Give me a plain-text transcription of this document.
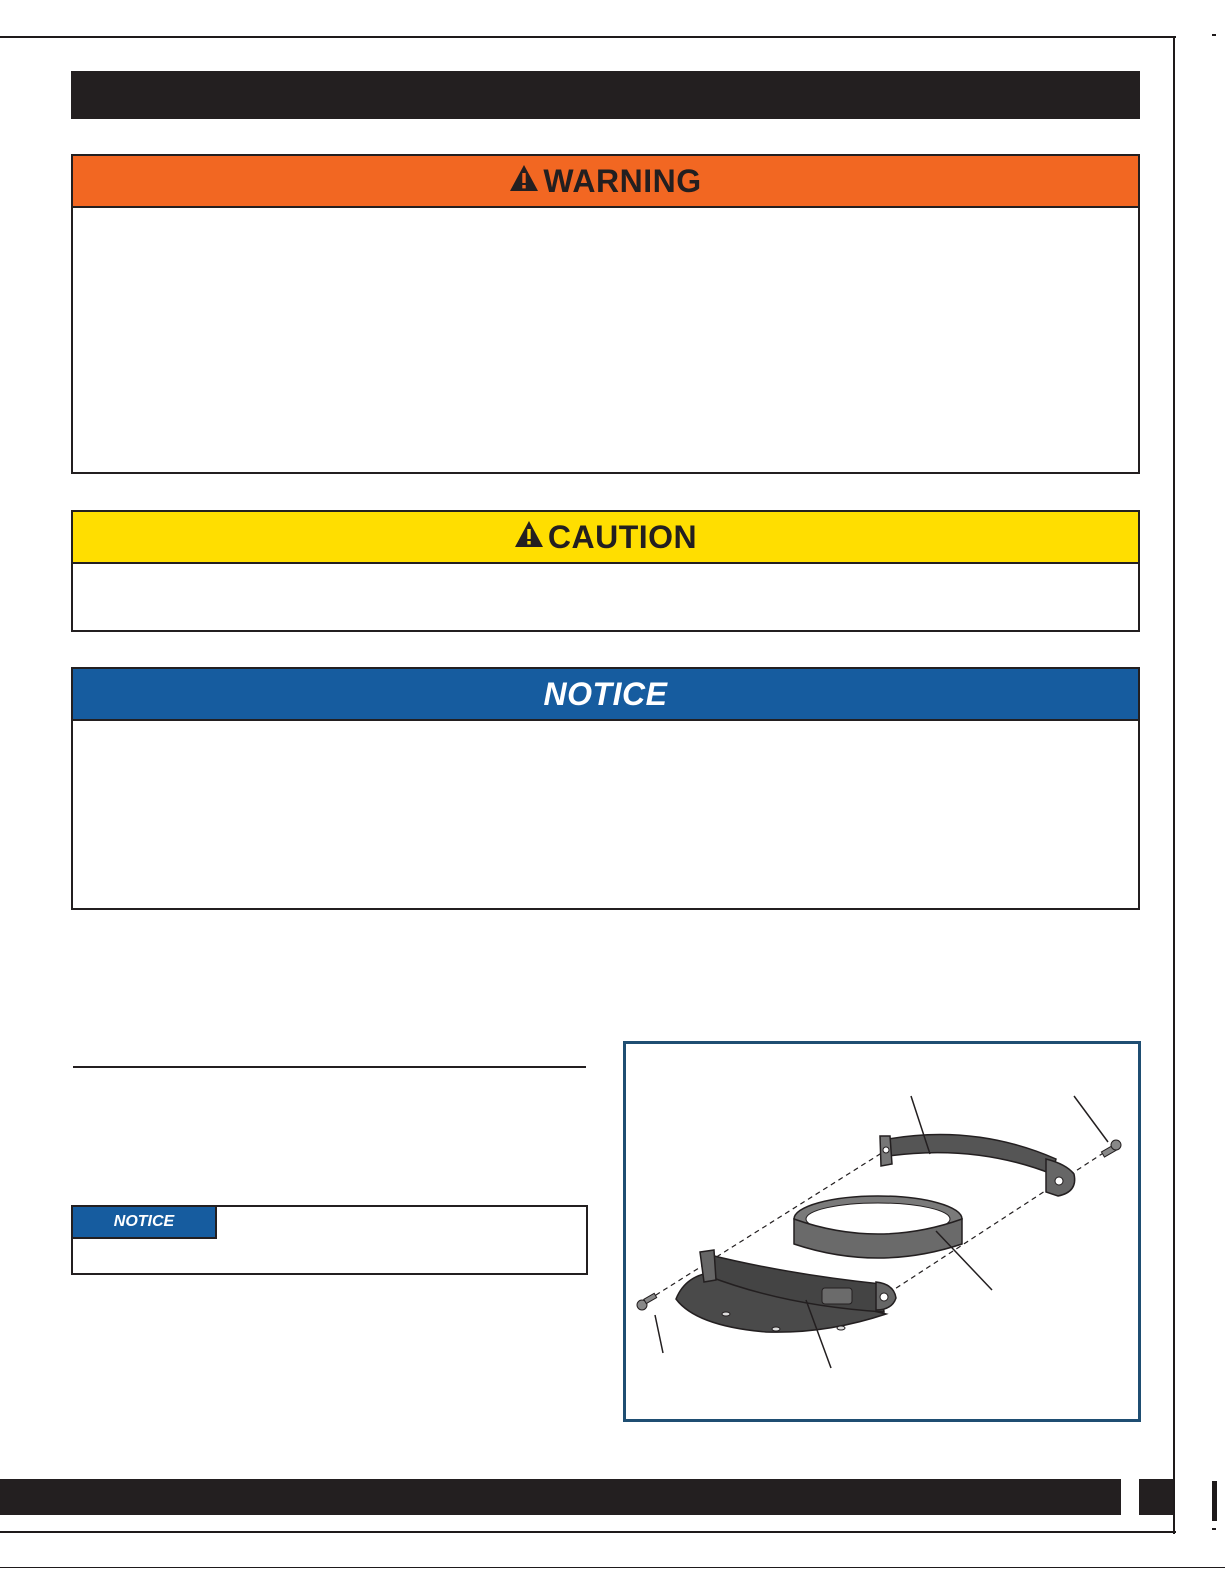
WARNING
CAUTION
NOTICE
NOTICE
